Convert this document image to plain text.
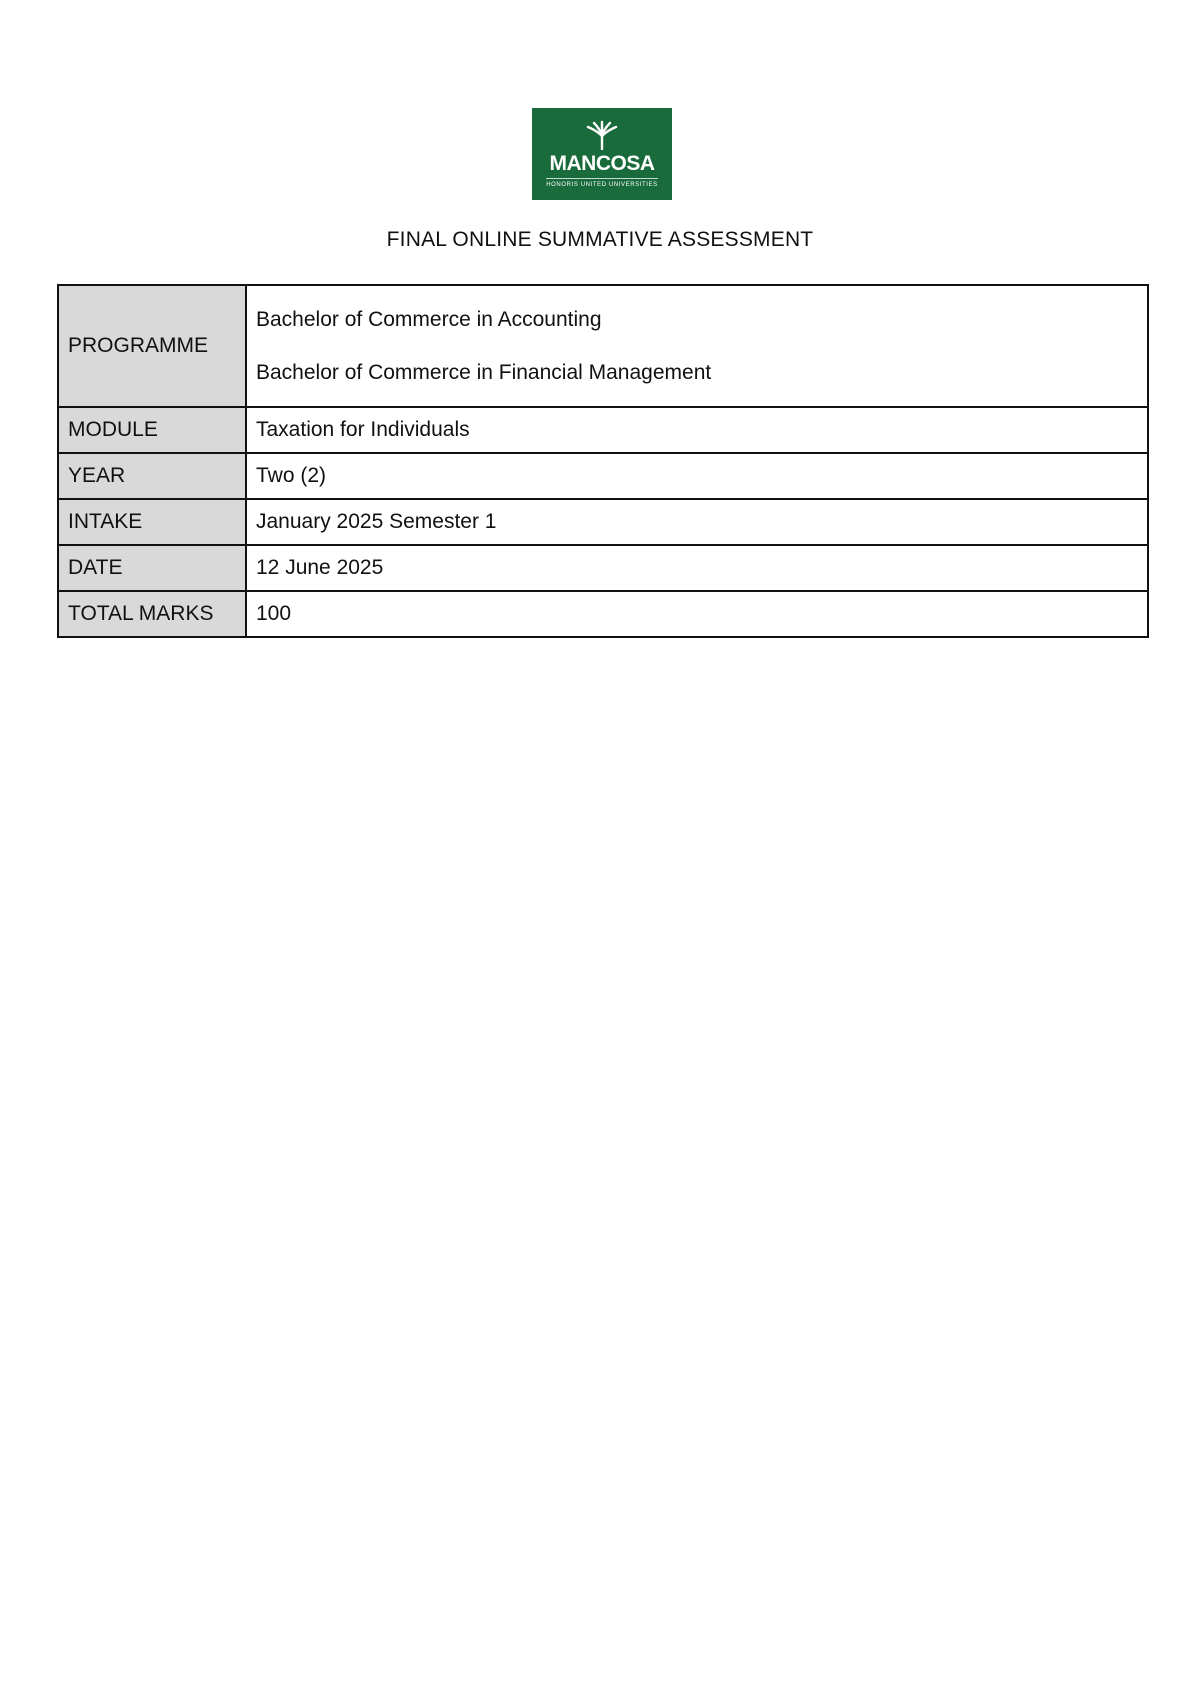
MANCOSA
HONORIS UNITED UNIVERSITIES
FINAL ONLINE SUMMATIVE ASSESSMENT
PROGRAMME	Bachelor of Commerce in Accounting
Bachelor of Commerce in Financial Management

MODULE	Taxation for Individuals
YEAR	Two (2)
INTAKE	January 2025 Semester 1
DATE	12 June 2025
TOTAL MARKS	100
